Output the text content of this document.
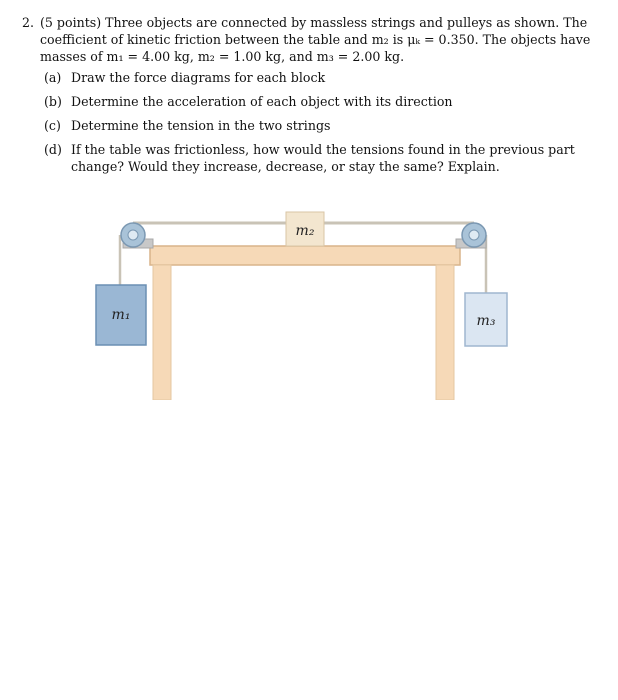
2. (5 points) Three objects are connected by massless strings and pulleys as shown. The
coefficient of kinetic friction between the table and m₂ is μₖ = 0.350. The objects have
masses of m₁ = 4.00 kg, m₂ = 1.00 kg, and m₃ = 2.00 kg.
(a) Draw the force diagrams for each block
(b) Determine the acceleration of each object with its direction
(c) Determine the tension in the two strings
(d) If the table was frictionless, how would the tensions found in the previous part change? Would they increase, decrease, or stay the same? Explain.
m₂
m₁	m₃
